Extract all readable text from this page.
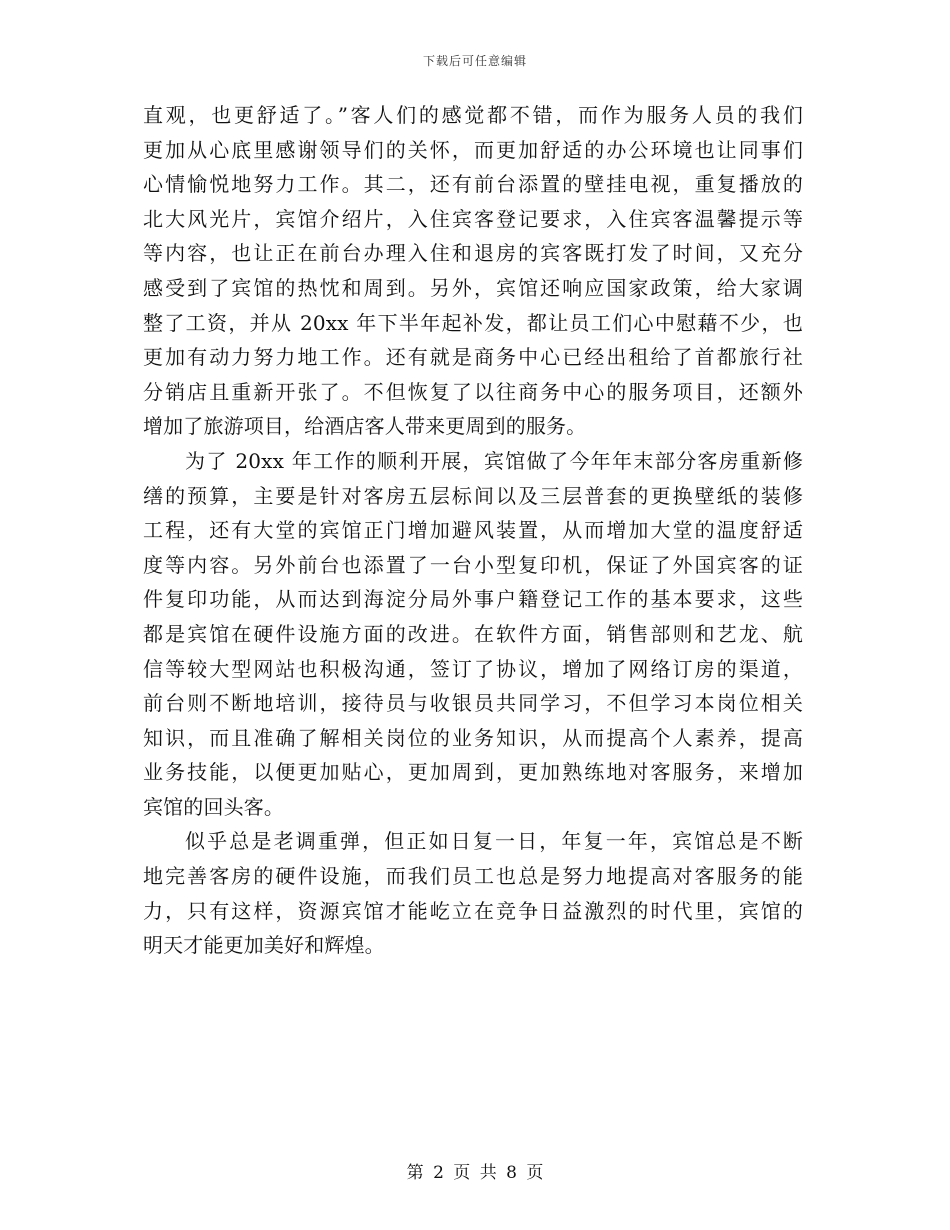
下载后可任意编辑

直观，也更舒适了。”客人们的感觉都不错，而作为服务人员的我们
更加从心底里感谢领导们的关怀，而更加舒适的办公环境也让同事们
心情愉悦地努力工作。其二，还有前台添置的壁挂电视，重复播放的
北大风光片，宾馆介绍片，入住宾客登记要求，入住宾客温馨提示等
等内容，也让正在前台办理入住和退房的宾客既打发了时间，又充分
感受到了宾馆的热忱和周到。另外，宾馆还响应国家政策，给大家调
整了工资，并从 20xx 年下半年起补发，都让员工们心中慰藉不少，也
更加有动力努力地工作。还有就是商务中心已经出租给了首都旅行社
分销店且重新开张了。不但恢复了以往商务中心的服务项目，还额外
增加了旅游项目，给酒店客人带来更周到的服务。

为了 20xx 年工作的顺利开展，宾馆做了今年年末部分客房重新修
缮的预算，主要是针对客房五层标间以及三层普套的更换壁纸的装修
工程，还有大堂的宾馆正门增加避风装置，从而增加大堂的温度舒适
度等内容。另外前台也添置了一台小型复印机，保证了外国宾客的证
件复印功能，从而达到海淀分局外事户籍登记工作的基本要求，这些
都是宾馆在硬件设施方面的改进。在软件方面，销售部则和艺龙、航
信等较大型网站也积极沟通，签订了协议，增加了网络订房的渠道，
前台则不断地培训，接待员与收银员共同学习，不但学习本岗位相关
知识，而且准确了解相关岗位的业务知识，从而提高个人素养，提高
业务技能，以便更加贴心，更加周到，更加熟练地对客服务，来增加
宾馆的回头客。

似乎总是老调重弹，但正如日复一日，年复一年，宾馆总是不断
地完善客房的硬件设施，而我们员工也总是努力地提高对客服务的能
力，只有这样，资源宾馆才能屹立在竞争日益激烈的时代里，宾馆的
明天才能更加美好和辉煌。

第 2 页 共 8 页
